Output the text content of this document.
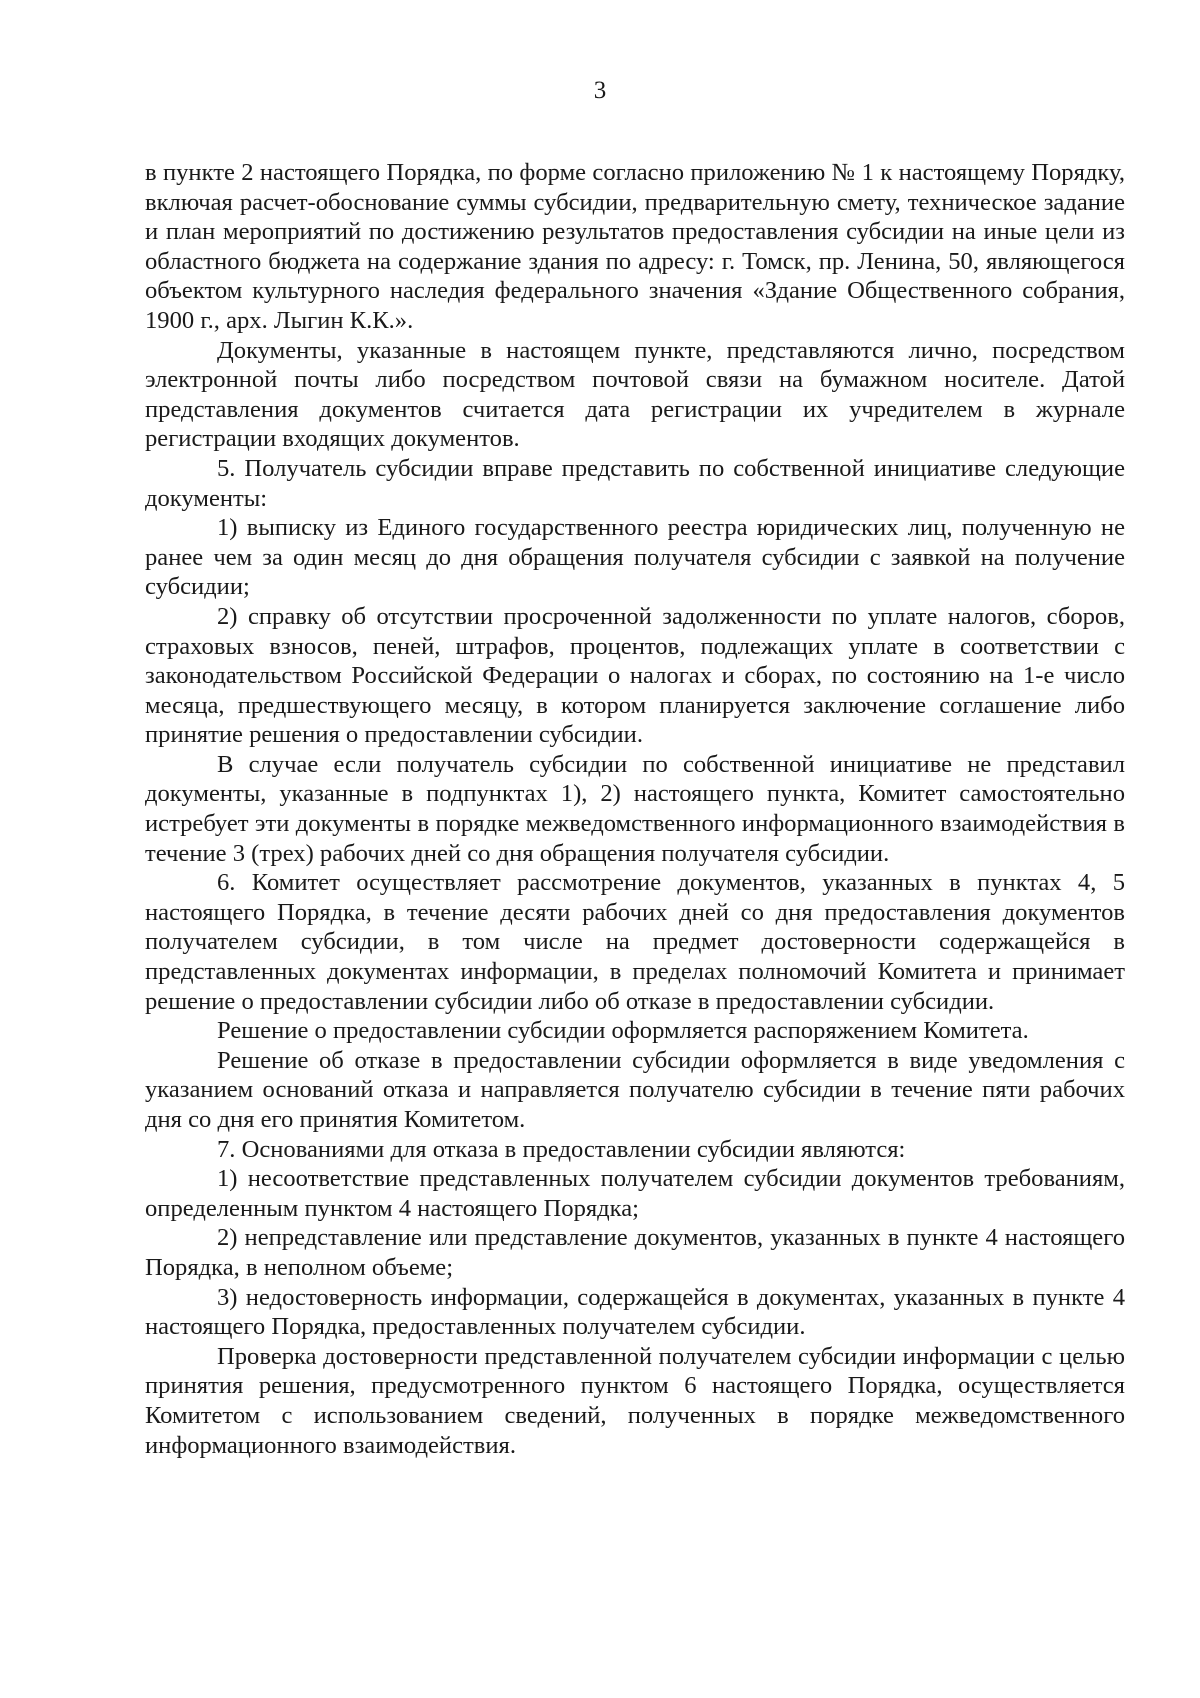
3

в пункте 2 настоящего Порядка, по форме согласно приложению № 1 к настоящему Порядку, включая расчет-обоснование суммы субсидии, предварительную смету, техническое задание и план мероприятий по достижению результатов предоставления субсидии на иные цели из областного бюджета на содержание здания по адресу: г. Томск, пр. Ленина, 50, являющегося объектом культурного наследия федерального значения «Здание Общественного собрания, 1900 г., арх. Лыгин К.К.».

Документы, указанные в настоящем пункте, представляются лично, посредством электронной почты либо посредством почтовой связи на бумажном носителе. Датой представления документов считается дата регистрации их учредителем в журнале регистрации входящих документов.

5. Получатель субсидии вправе представить по собственной инициативе следующие документы:

1) выписку из Единого государственного реестра юридических лиц, полученную не ранее чем за один месяц до дня обращения получателя субсидии с заявкой на получение субсидии;

2) справку об отсутствии просроченной задолженности по уплате налогов, сборов, страховых взносов, пеней, штрафов, процентов, подлежащих уплате в соответствии с законодательством Российской Федерации о налогах и сборах, по состоянию на 1-е число месяца, предшествующего месяцу, в котором планируется заключение соглашение либо принятие решения о предоставлении субсидии.

В случае если получатель субсидии по собственной инициативе не представил документы, указанные в подпунктах 1), 2) настоящего пункта, Комитет самостоятельно истребует эти документы в порядке межведомственного информационного взаимодействия в течение 3 (трех) рабочих дней со дня обращения получателя субсидии.

6. Комитет осуществляет рассмотрение документов, указанных в пунктах 4, 5 настоящего Порядка, в течение десяти рабочих дней со дня предоставления документов получателем субсидии, в том числе на предмет достоверности содержащейся в представленных документах информации, в пределах полномочий Комитета и принимает решение о предоставлении субсидии либо об отказе в предоставлении субсидии.

Решение о предоставлении субсидии оформляется распоряжением Комитета.

Решение об отказе в предоставлении субсидии оформляется в виде уведомления с указанием оснований отказа и направляется получателю субсидии в течение пяти рабочих дня со дня его принятия Комитетом.

7. Основаниями для отказа в предоставлении субсидии являются:

1) несоответствие представленных получателем субсидии документов требованиям, определенным пунктом 4 настоящего Порядка;

2) непредставление или представление документов, указанных в пункте 4 настоящего Порядка, в неполном объеме;

3) недостоверность информации, содержащейся в документах, указанных в пункте 4 настоящего Порядка, предоставленных получателем субсидии.

Проверка достоверности представленной получателем субсидии информации с целью принятия решения, предусмотренного пунктом 6 настоящего Порядка, осуществляется Комитетом с использованием сведений, полученных в порядке межведомственного информационного взаимодействия.
